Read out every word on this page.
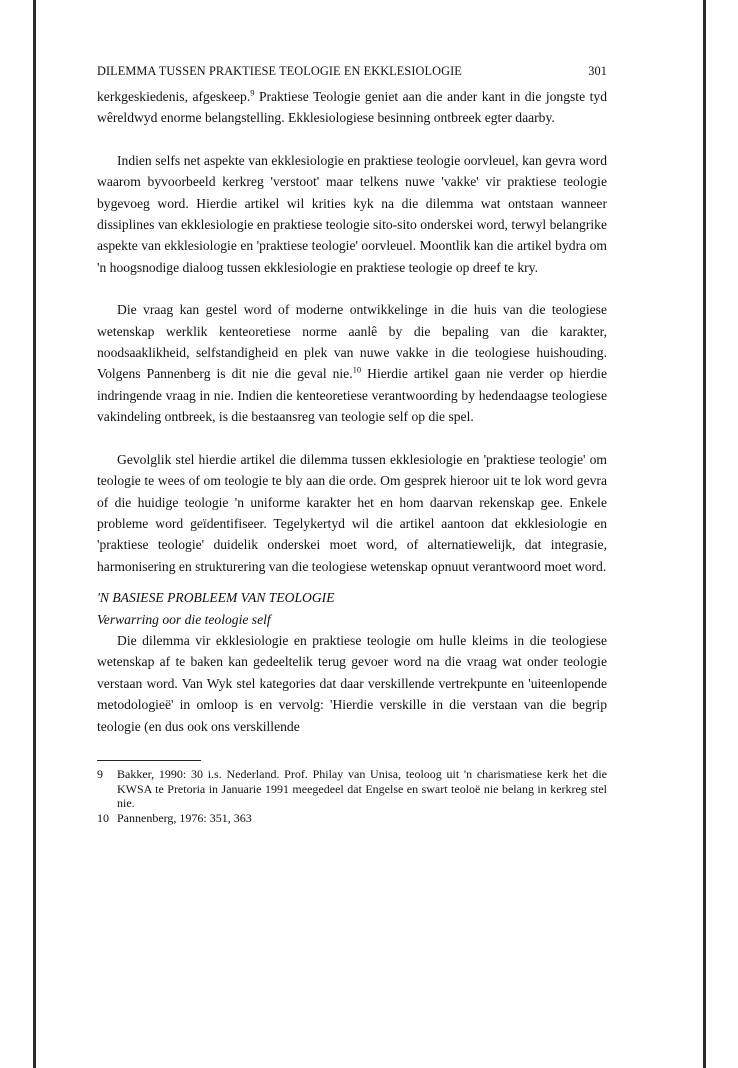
DILEMMA TUSSEN PRAKTIESE TEOLOGIE EN EKKLESIOLOGIE	301

kerkgeskiedenis, afgeskeep.$^9$ Praktiese Teologie geniet aan die ander kant in die jongste tyd wêreldwyd enorme belangstelling. Ekklesiologiese besinning ontbreek egter daarby.

Indien selfs net aspekte van ekklesiologie en praktiese teologie oorvleuel, kan gevra word waarom byvoorbeeld kerkreg 'verstoot' maar telkens nuwe 'vakke' vir praktiese teologie bygevoeg word. Hierdie artikel wil krities kyk na die dilemma wat ontstaan wanneer dissiplines van ekklesiologie en praktiese teologie sito-sito onderskei word, terwyl belangrike aspekte van ekklesiologie en 'praktiese teologie' oorvleuel. Moontlik kan die artikel bydra om 'n hoogsnodige dialoog tussen ekklesiologie en praktiese teologie op dreef te kry.

Die vraag kan gestel word of moderne ontwikkelinge in die huis van die teologiese wetenskap werklik kenteoretiese norme aanlê by die bepaling van die karakter, noodsaaklikheid, selfstandigheid en plek van nuwe vakke in die teologiese huishouding. Volgens Pannenberg is dit nie die geval nie.$^{10}$ Hierdie artikel gaan nie verder op hierdie indringende vraag in nie. Indien die kenteoretiese verantwoording by hedendaagse teologiese vakindeling ontbreek, is die bestaansreg van teologie self op die spel.

Gevolglik stel hierdie artikel die dilemma tussen ekklesiologie en 'praktiese teologie' om teologie te wees of om teologie te bly aan die orde. Om gesprek hieroor uit te lok word gevra of die huidige teologie 'n uniforme karakter het en hom daarvan rekenskap gee. Enkele probleme word geïdentifiseer. Tegelykertyd wil die artikel aantoon dat ekklesiologie en 'praktiese teologie' duidelik onderskei moet word, of alternatiewelijk, dat integrasie, harmonisering en strukturering van die teologiese wetenskap opnuut verantwoord moet word.

'N BASIESE PROBLEEM VAN TEOLOGIE

Verwarring oor die teologie self

Die dilemma vir ekklesiologie en praktiese teologie om hulle kleims in die teologiese wetenskap af te baken kan gedeeltelik terug gevoer word na die vraag wat onder teologie verstaan word. Van Wyk stel kategories dat daar verskillende vertrekpunte en 'uiteenlopende metodologieë' in omloop is en vervolg: 'Hierdie verskille in die verstaan van die begrip teologie (en dus ook ons verskillende

9 Bakker, 1990: 30 i.s. Nederland. Prof. Philay van Unisa, teoloog uit 'n charismatiese kerk het die KWSA te Pretoria in Januarie 1991 meegedeel dat Engelse en swart teoloë nie belang in kerkreg stel nie.
10 Pannenberg, 1976: 351, 363
